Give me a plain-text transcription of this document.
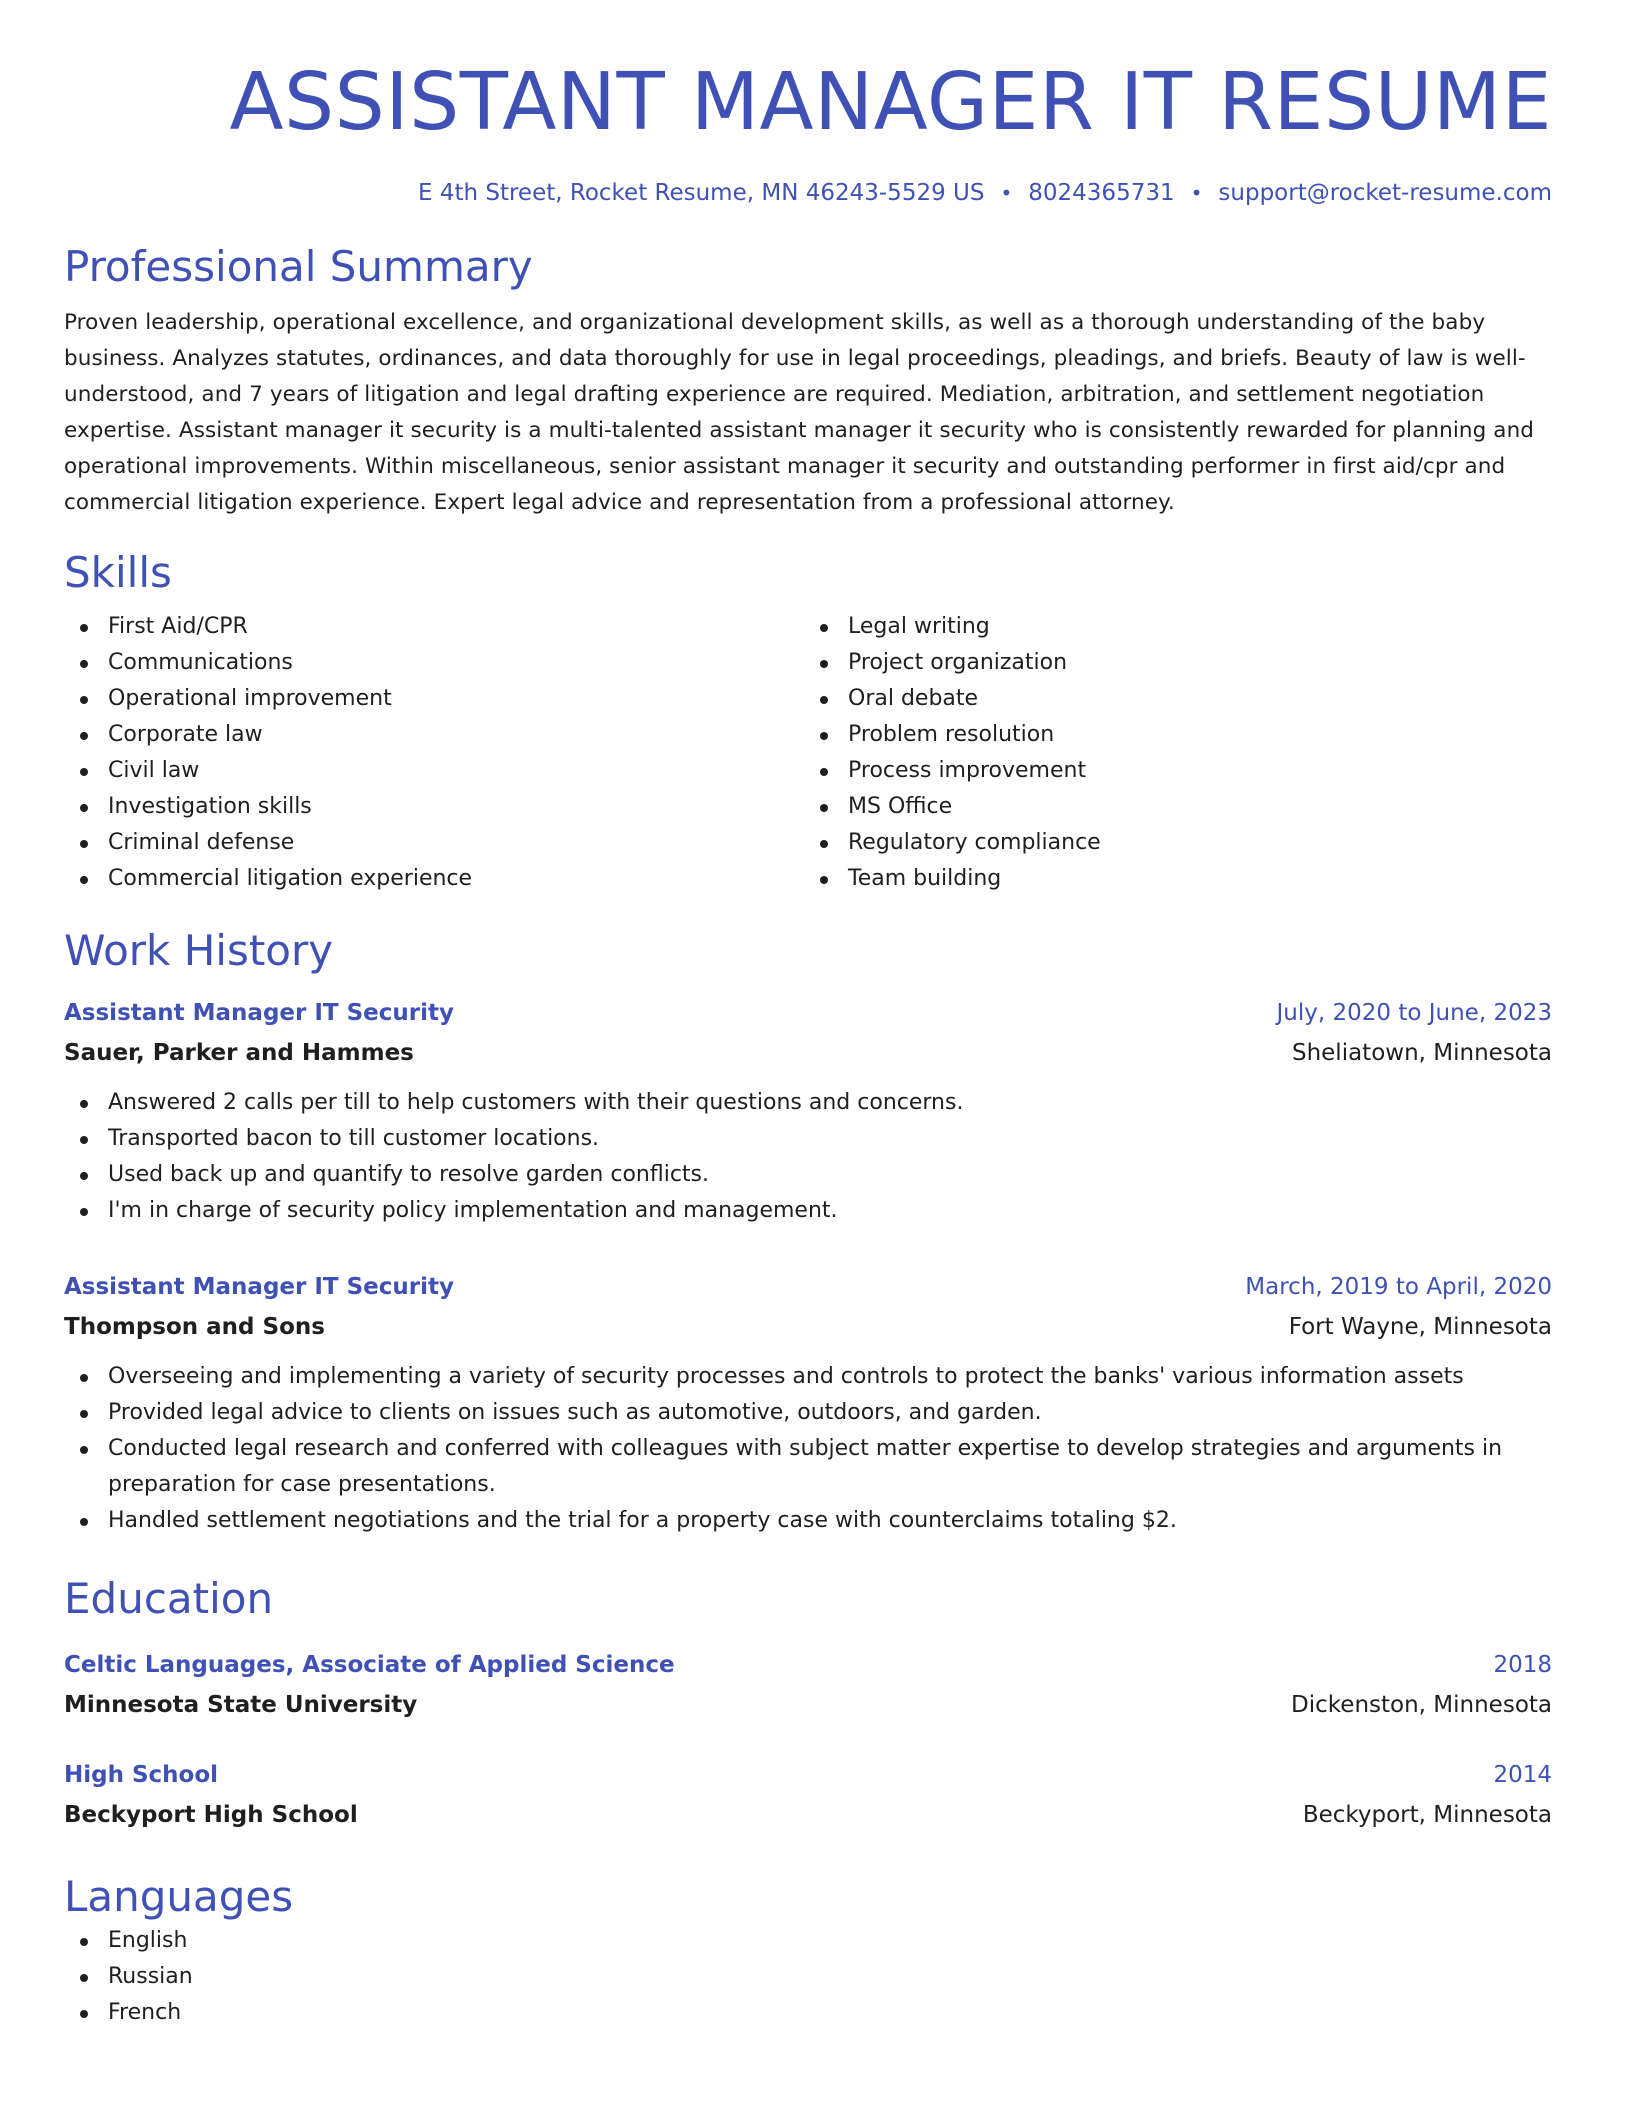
ASSISTANT MANAGER IT RESUME
E 4th Street, Rocket Resume, MN 46243-5529 US • 8024365731 • support@rocket-resume.com
Professional Summary
Proven leadership, operational excellence, and organizational development skills, as well as a thorough understanding of the baby business. Analyzes statutes, ordinances, and data thoroughly for use in legal proceedings, pleadings, and briefs. Beauty of law is well-understood, and 7 years of litigation and legal drafting experience are required. Mediation, arbitration, and settlement negotiation expertise. Assistant manager it security is a multi-talented assistant manager it security who is consistently rewarded for planning and operational improvements. Within miscellaneous, senior assistant manager it security and outstanding performer in first aid/cpr and commercial litigation experience. Expert legal advice and representation from a professional attorney.
Skills
First Aid/CPR
Communications
Operational improvement
Corporate law
Civil law
Investigation skills
Criminal defense
Commercial litigation experience
Legal writing
Project organization
Oral debate
Problem resolution
Process improvement
MS Office
Regulatory compliance
Team building
Work History
Assistant Manager IT Security	July, 2020 to June, 2023
Sauer, Parker and Hammes	Sheliatown, Minnesota
Answered 2 calls per till to help customers with their questions and concerns.
Transported bacon to till customer locations.
Used back up and quantify to resolve garden conflicts.
I'm in charge of security policy implementation and management.
Assistant Manager IT Security	March, 2019 to April, 2020
Thompson and Sons	Fort Wayne, Minnesota
Overseeing and implementing a variety of security processes and controls to protect the banks' various information assets
Provided legal advice to clients on issues such as automotive, outdoors, and garden.
Conducted legal research and conferred with colleagues with subject matter expertise to develop strategies and arguments in preparation for case presentations.
Handled settlement negotiations and the trial for a property case with counterclaims totaling $2.
Education
Celtic Languages, Associate of Applied Science	2018
Minnesota State University	Dickenston, Minnesota
High School	2014
Beckyport High School	Beckyport, Minnesota
Languages
English
Russian
French
